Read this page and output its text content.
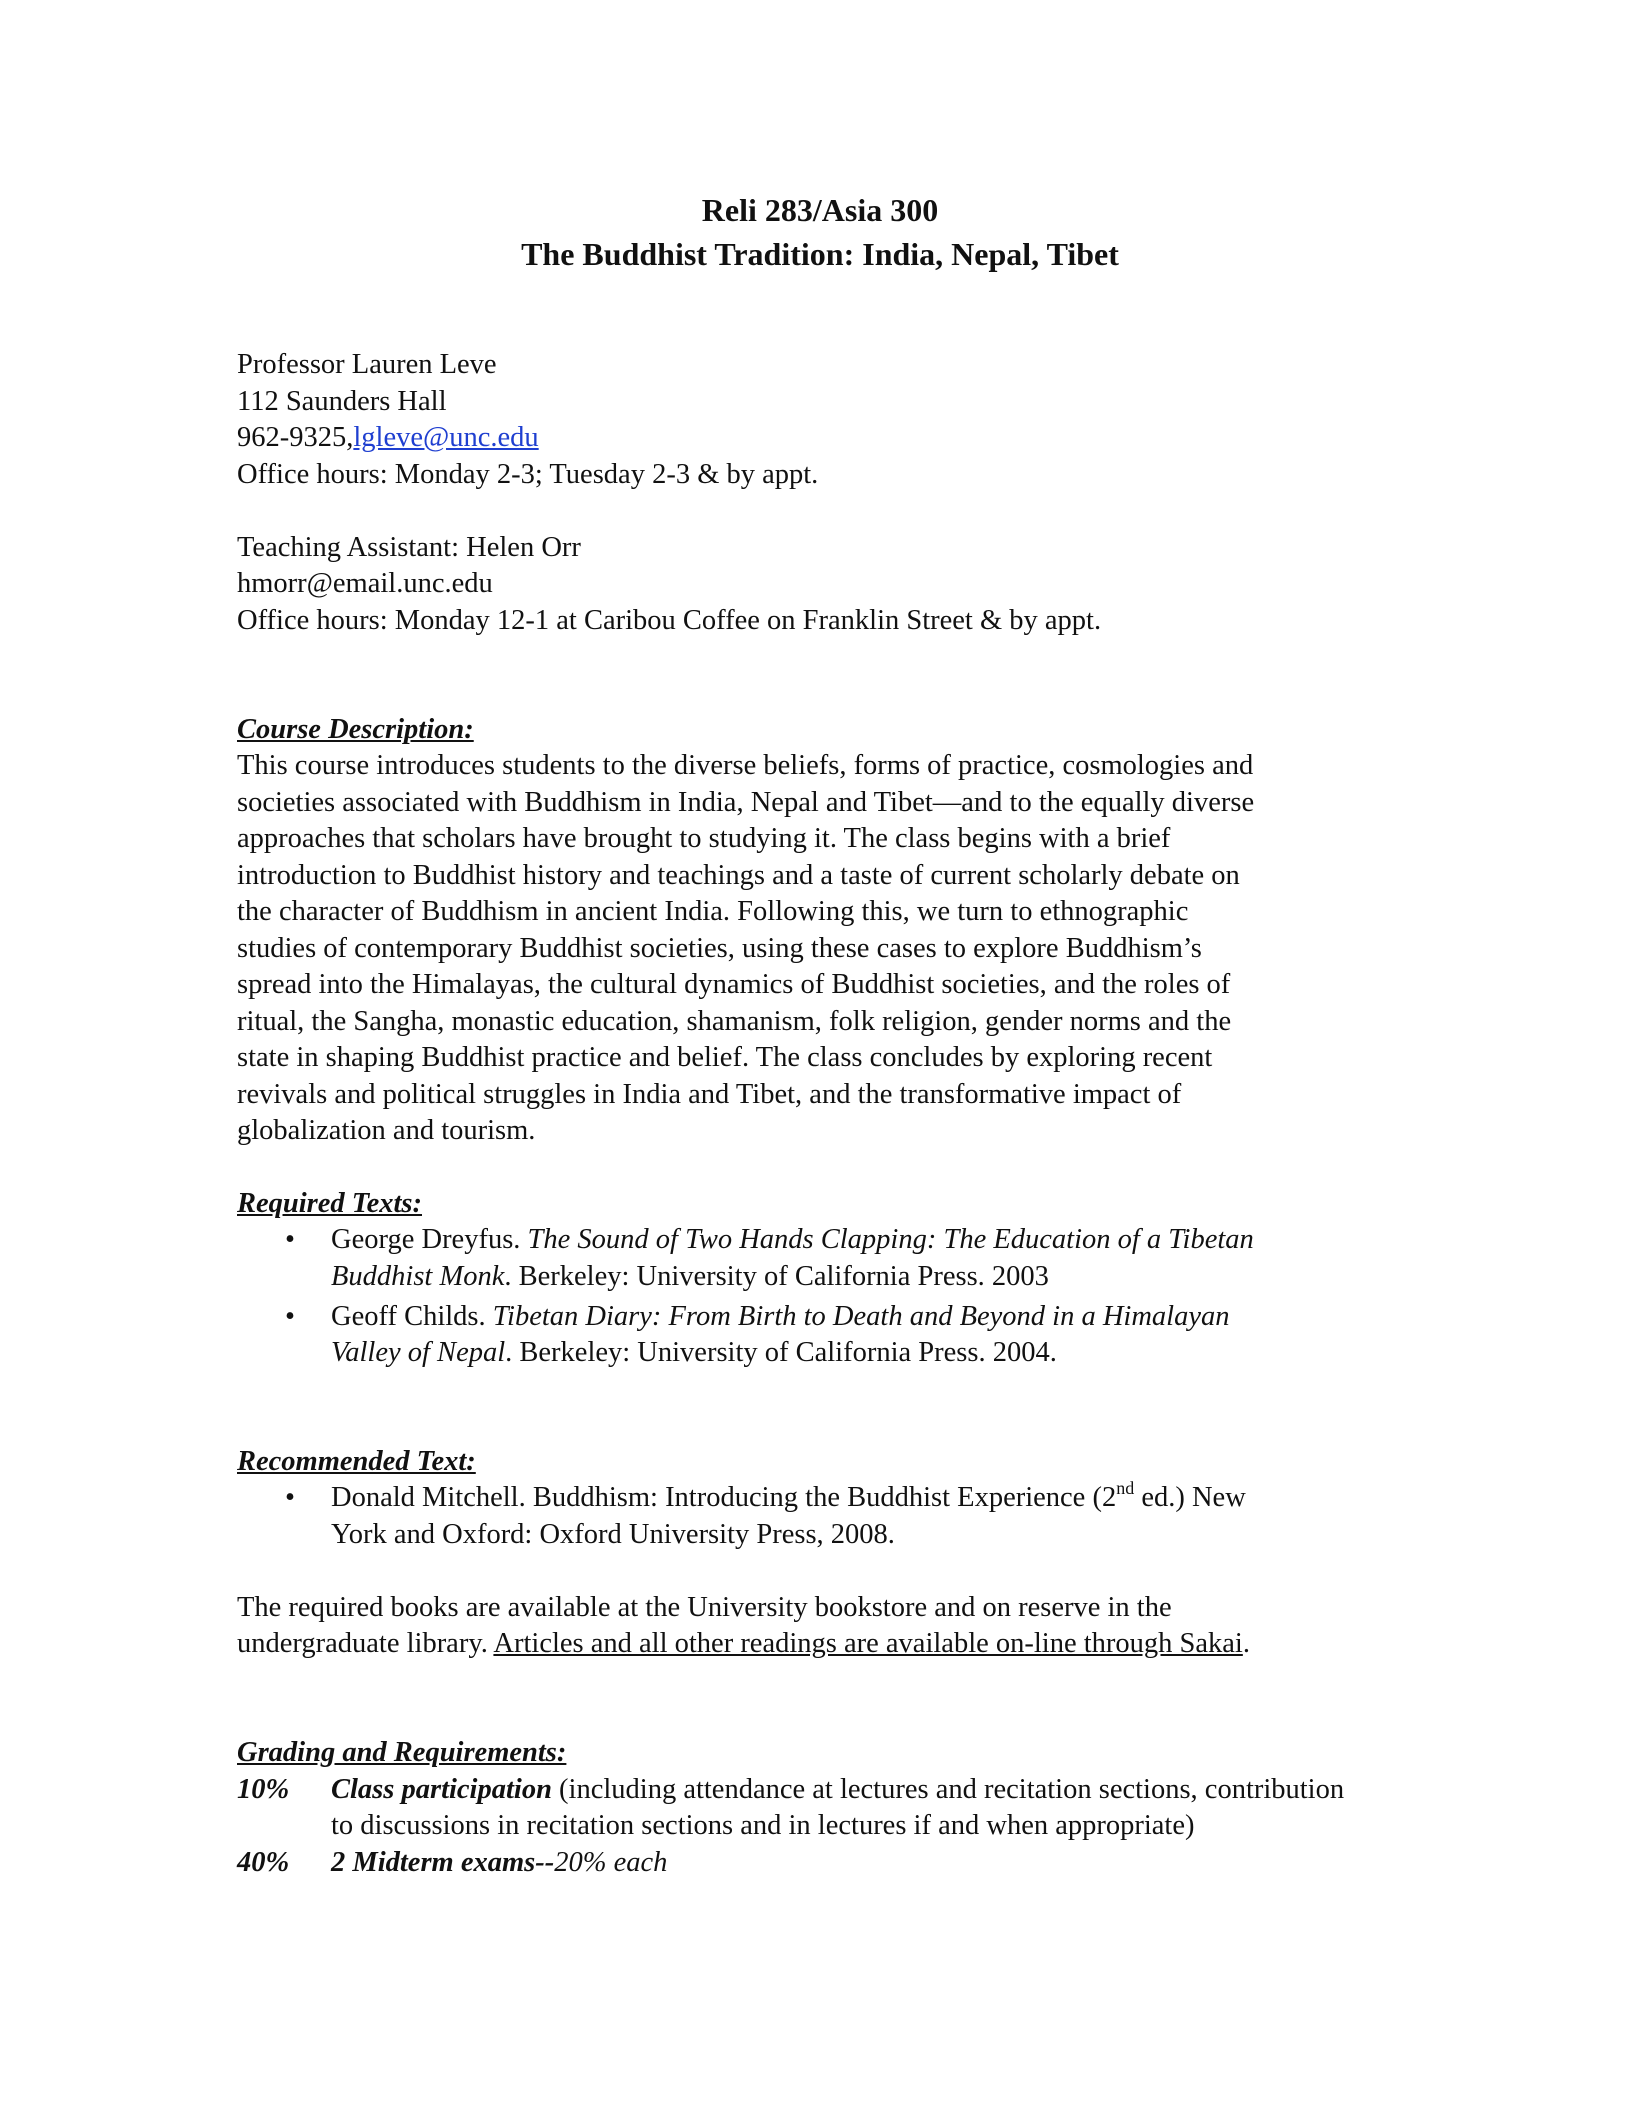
Reli 283/Asia 300
The Buddhist Tradition: India, Nepal, Tibet
Professor Lauren Leve
112 Saunders Hall
962-9325,lgleve@unc.edu
Office hours: Monday 2-3; Tuesday 2-3 & by appt.
Teaching Assistant: Helen Orr
hmorr@email.unc.edu
Office hours: Monday 12-1 at Caribou Coffee on Franklin Street & by appt.
Course Description:
This course introduces students to the diverse beliefs, forms of practice, cosmologies and
societies associated with Buddhism in India, Nepal and Tibet—and to the equally diverse
approaches that scholars have brought to studying it. The class begins with a brief
introduction to Buddhist history and teachings and a taste of current scholarly debate on
the character of Buddhism in ancient India. Following this, we turn to ethnographic
studies of contemporary Buddhist societies, using these cases to explore Buddhism’s
spread into the Himalayas, the cultural dynamics of Buddhist societies, and the roles of
ritual, the Sangha, monastic education, shamanism, folk religion, gender norms and the
state in shaping Buddhist practice and belief. The class concludes by exploring recent
revivals and political struggles in India and Tibet, and the transformative impact of
globalization and tourism.
Required Texts:
• George Dreyfus. The Sound of Two Hands Clapping: The Education of a Tibetan
Buddhist Monk. Berkeley: University of California Press. 2003
• Geoff Childs. Tibetan Diary: From Birth to Death and Beyond in a Himalayan
Valley of Nepal. Berkeley: University of California Press. 2004.
Recommended Text:
• Donald Mitchell. Buddhism: Introducing the Buddhist Experience (2nd ed.) New
York and Oxford: Oxford University Press, 2008.
The required books are available at the University bookstore and on reserve in the
undergraduate library. Articles and all other readings are available on-line through Sakai.
Grading and Requirements:
10% Class participation (including attendance at lectures and recitation sections, contribution
to discussions in recitation sections and in lectures if and when appropriate)
40% 2 Midterm exams--20% each
